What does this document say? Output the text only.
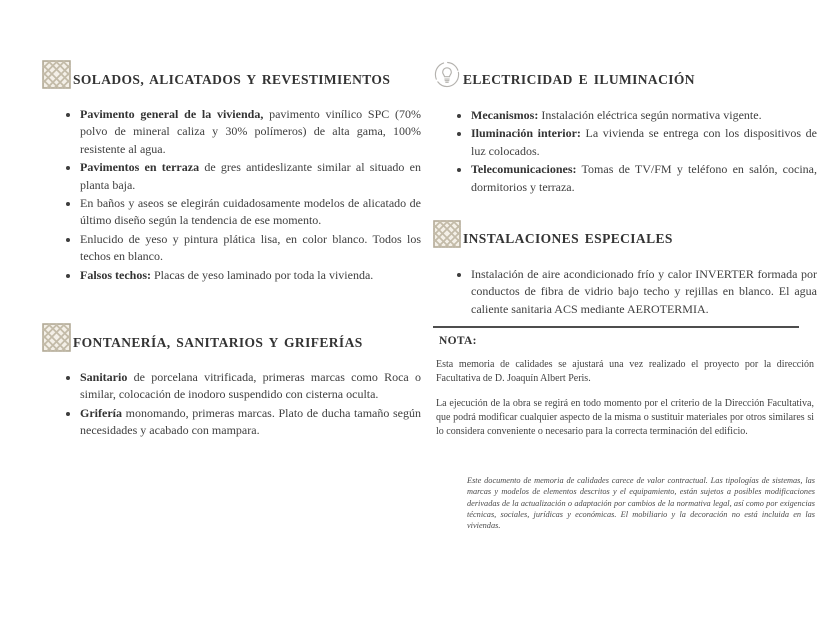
SOLADOS, ALICATADOS Y REVESTIMIENTOS
• Pavimento general de la vivienda, pavimento vinílico SPC (70% polvo de mineral caliza y 30% polímeros) de alta gama, 100% resistente al agua.
• Pavimentos en terraza de gres antideslizante similar al situado en planta baja.
• En baños y aseos se elegirán cuidadosamente modelos de alicatado de último diseño según la tendencia de ese momento.
• Enlucido de yeso y pintura plática lisa, en color blanco. Todos los techos en blanco.
• Falsos techos: Placas de yeso laminado por toda la vivienda.
FONTANERÍA, SANITARIOS Y GRIFERÍAS
• Sanitario de porcelana vitrificada, primeras marcas como Roca o similar, colocación de inodoro suspendido con cisterna oculta.
• Grifería monomando, primeras marcas. Plato de ducha tamaño según necesidades y acabado con mampara.
ELECTRICIDAD E ILUMINACIÓN
• Mecanismos: Instalación eléctrica según normativa vigente.
• Iluminación interior: La vivienda se entrega con los dispositivos de luz colocados.
• Telecomunicaciones: Tomas de TV/FM y teléfono en salón, cocina, dormitorios y terraza.
INSTALACIONES ESPECIALES
• Instalación de aire acondicionado frío y calor INVERTER formada por conductos de fibra de vidrio bajo techo y rejillas en blanco. El agua caliente sanitaria ACS mediante AEROTERMIA.
NOTA:

Esta memoria de calidades se ajustará una vez realizado el proyecto por la dirección Facultativa de D. Joaquín Albert Peris.

La ejecución de la obra se regirá en todo momento por el criterio de la Dirección Facultativa, que podrá modificar cualquier aspecto de la misma o sustituir materiales por otros similares si lo considera conveniente o necesario para la correcta terminación del edificio.

Este documento de memoria de calidades carece de valor contractual. Las tipologías de sistemas, las marcas y modelos de elementos descritos y el equipamiento, están sujetos a posibles modificaciones derivadas de la actualización o adaptación por cambios de la normativa legal, así como por exigencias técnicas, sociales, jurídicas y económicas. El mobiliario y la decoración no está incluida en las viviendas.
